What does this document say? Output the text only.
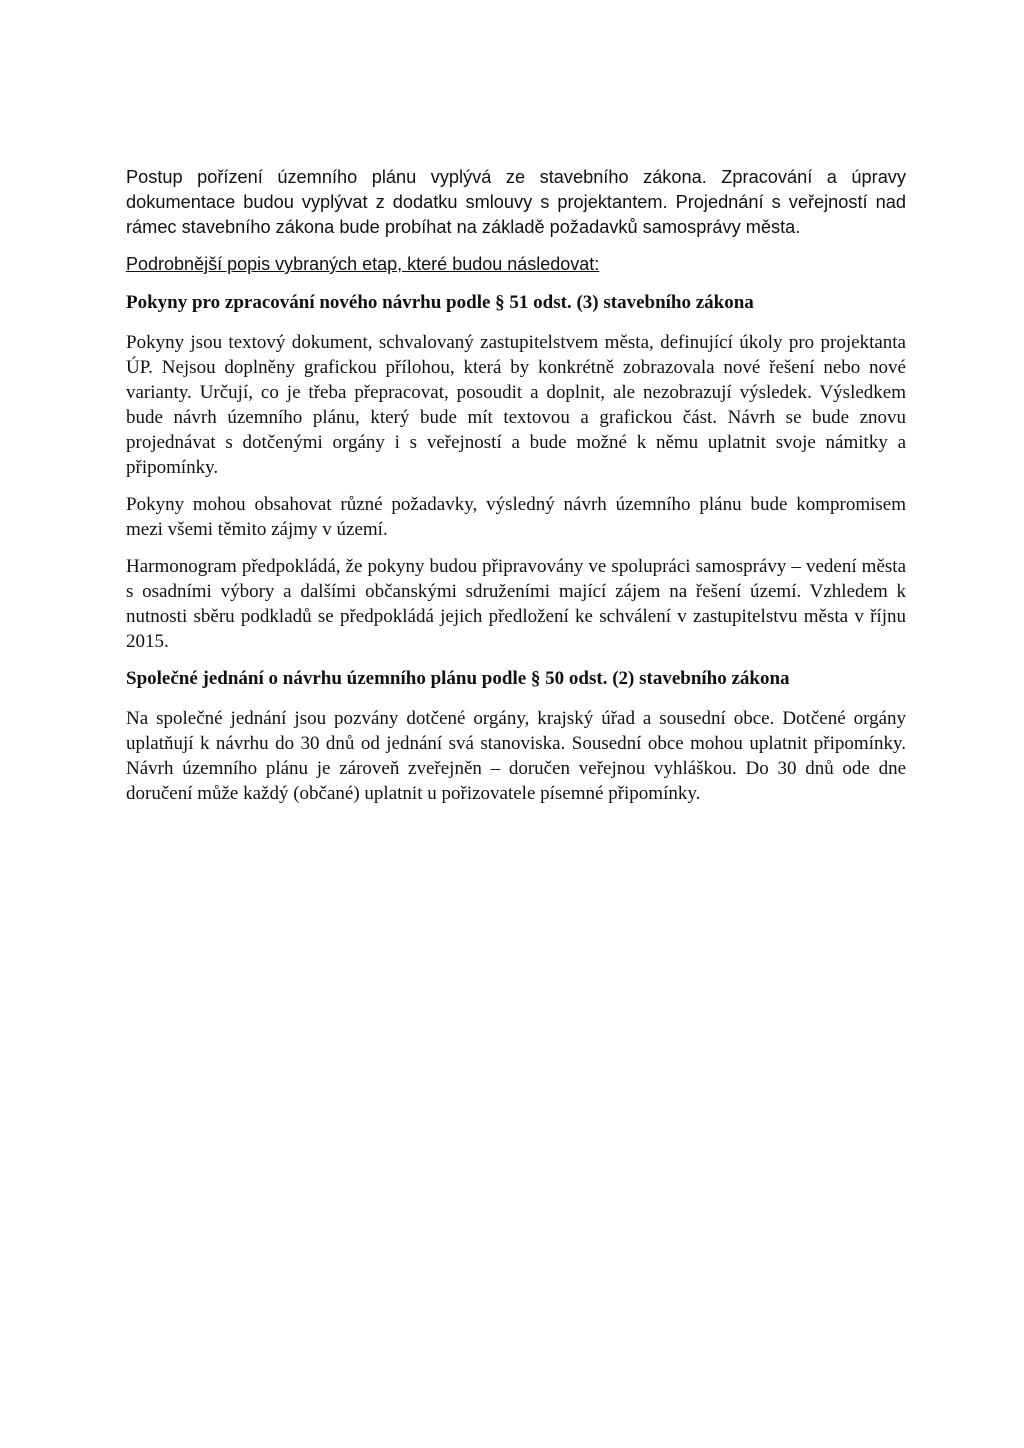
Postup pořízení územního plánu vyplývá ze stavebního zákona. Zpracování a úpravy dokumentace budou vyplývat z dodatku smlouvy s projektantem. Projednání s veřejností nad rámec stavebního zákona bude probíhat na základě požadavků samosprávy města.

Podrobnější popis vybraných etap, které budou následovat:

Pokyny pro zpracování nového návrhu podle § 51 odst. (3) stavebního zákona

Pokyny jsou textový dokument, schvalovaný zastupitelstvem města, definující úkoly pro projektanta ÚP. Nejsou doplněny grafickou přílohou, která by konkrétně zobrazovala nové řešení nebo nové varianty. Určují, co je třeba přepracovat, posoudit a doplnit, ale nezobrazují výsledek. Výsledkem bude návrh územního plánu, který bude mít textovou a grafickou část. Návrh se bude znovu projednávat s dotčenými orgány i s veřejností a bude možné k němu uplatnit svoje námitky a připomínky.

Pokyny mohou obsahovat různé požadavky, výsledný návrh územního plánu bude kompromisem mezi všemi těmito zájmy v území.

Harmonogram předpokládá, že pokyny budou připravovány ve spolupráci samosprávy – vedení města s osadními výbory a dalšími občanskými sdruženími mající zájem na řešení území. Vzhledem k nutnosti sběru podkladů se předpokládá jejich předložení ke schválení v zastupitelstvu města v říjnu 2015.

Společné jednání o návrhu územního plánu podle § 50 odst. (2) stavebního zákona

Na společné jednání jsou pozvány dotčené orgány, krajský úřad a sousední obce. Dotčené orgány uplatňují k návrhu do 30 dnů od jednání svá stanoviska. Sousední obce mohou uplatnit připomínky. Návrh územního plánu je zároveň zveřejněn – doručen veřejnou vyhláškou. Do 30 dnů ode dne doručení může každý (občané) uplatnit u pořizovatele písemné připomínky.
